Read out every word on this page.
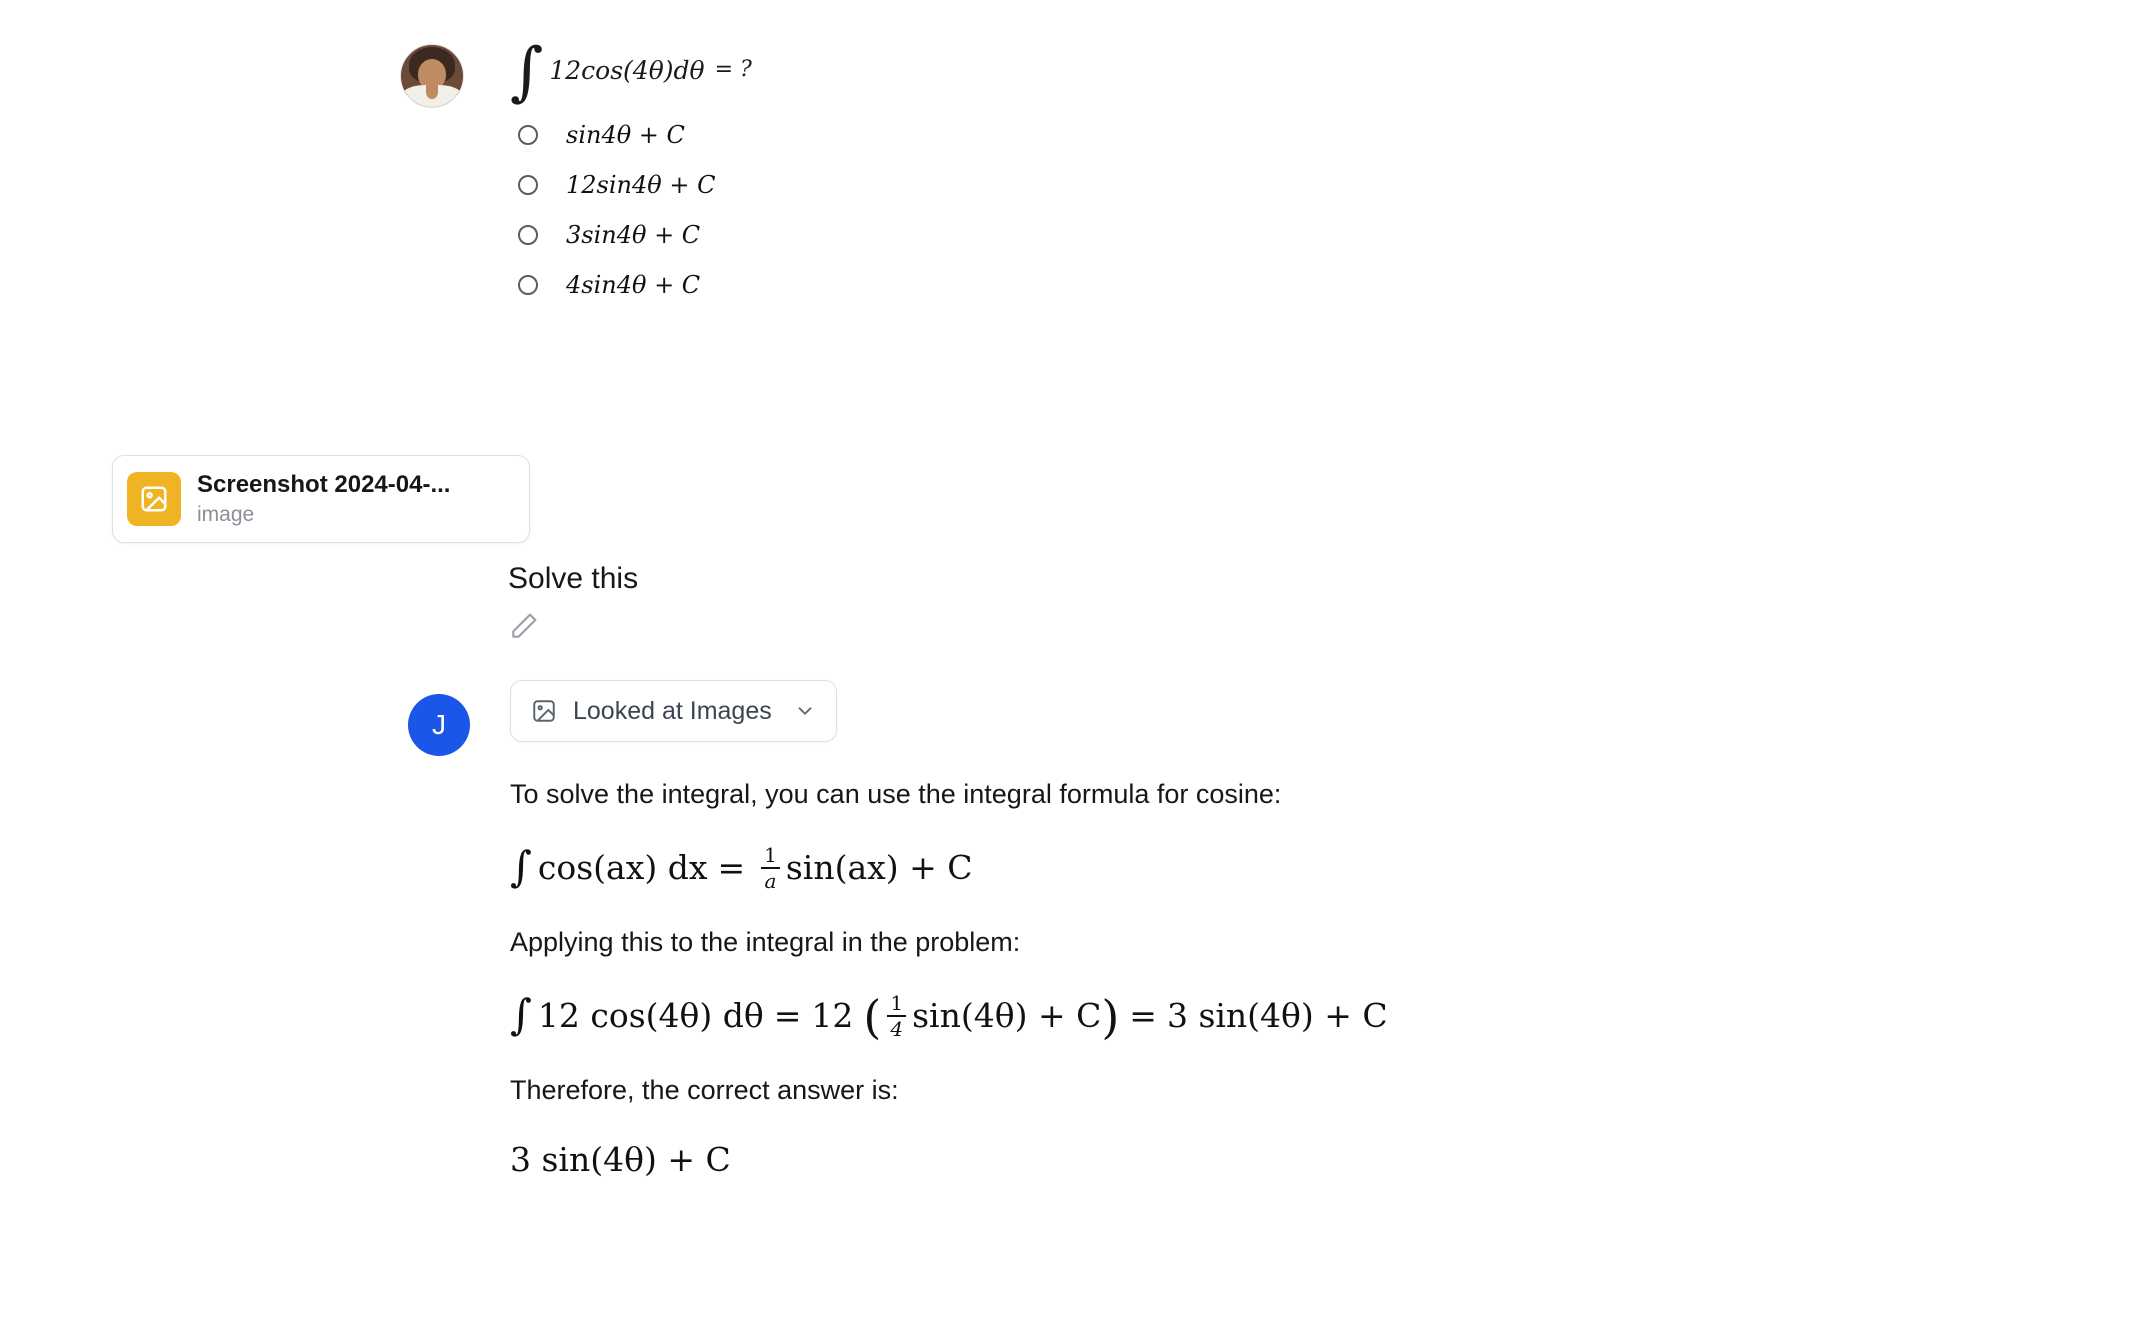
∫ 12cos(4θ)dθ = ?
sin4θ + C
12sin4θ + C
3sin4θ + C
4sin4θ + C
Screenshot 2024-04-...
image
Solve this
J	Looked at Images
To solve the integral, you can use the integral formula for cosine:
∫ cos(ax) dx = $\frac{1}{a} \sin(ax) + C$
Applying this to the integral in the problem:
∫ 12 cos(4θ) dθ = 12 ( $\frac{1}{4} \sin(4\theta) + C$ ) = 3 sin(4θ) + C
Therefore, the correct answer is:
3 sin(4θ) + C
